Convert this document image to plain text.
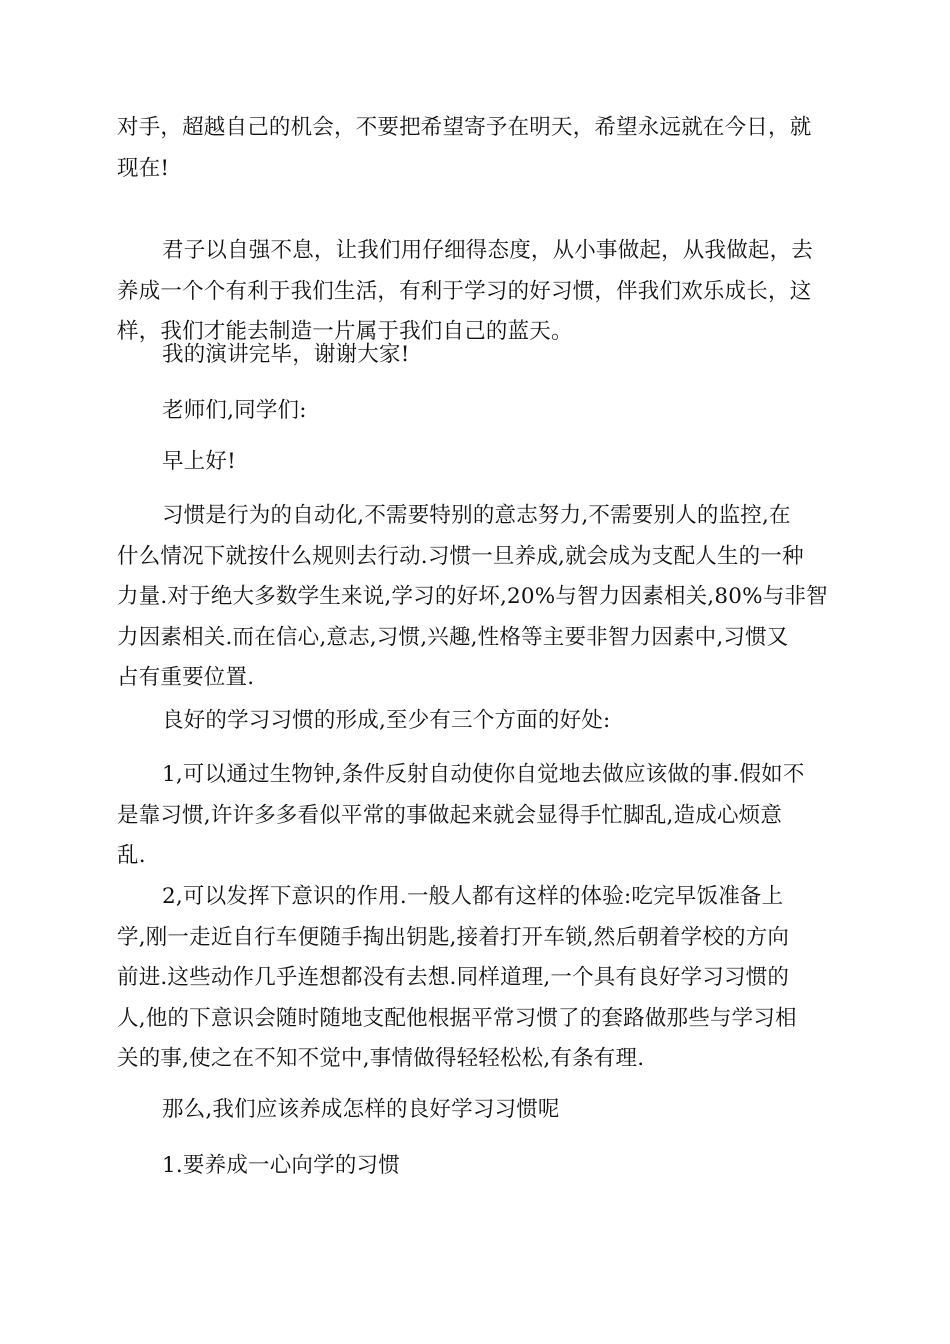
对手，超越自己的机会，不要把希望寄予在明天，希望永远就在今日，就
现在!

君子以自强不息，让我们用仔细得态度，从小事做起，从我做起，去
养成一个个有利于我们生活，有利于学习的好习惯，伴我们欢乐成长，这
样，我们才能去制造一片属于我们自己的蓝天。

我的演讲完毕，谢谢大家!

老师们,同学们:

早上好!

习惯是行为的自动化,不需要特别的意志努力,不需要别人的监控,在
什么情况下就按什么规则去行动.习惯一旦养成,就会成为支配人生的一种
力量.对于绝大多数学生来说,学习的好坏,20%与智力因素相关,80%与非智
力因素相关.而在信心,意志,习惯,兴趣,性格等主要非智力因素中,习惯又
占有重要位置.

良好的学习习惯的形成,至少有三个方面的好处:

1,可以通过生物钟,条件反射自动使你自觉地去做应该做的事.假如不
是靠习惯,许许多多看似平常的事做起来就会显得手忙脚乱,造成心烦意
乱.

2,可以发挥下意识的作用.一般人都有这样的体验:吃完早饭准备上
学,刚一走近自行车便随手掏出钥匙,接着打开车锁,然后朝着学校的方向
前进.这些动作几乎连想都没有去想.同样道理,一个具有良好学习习惯的
人,他的下意识会随时随地支配他根据平常习惯了的套路做那些与学习相
关的事,使之在不知不觉中,事情做得轻轻松松,有条有理.

那么,我们应该养成怎样的良好学习习惯呢

1.要养成一心向学的习惯
